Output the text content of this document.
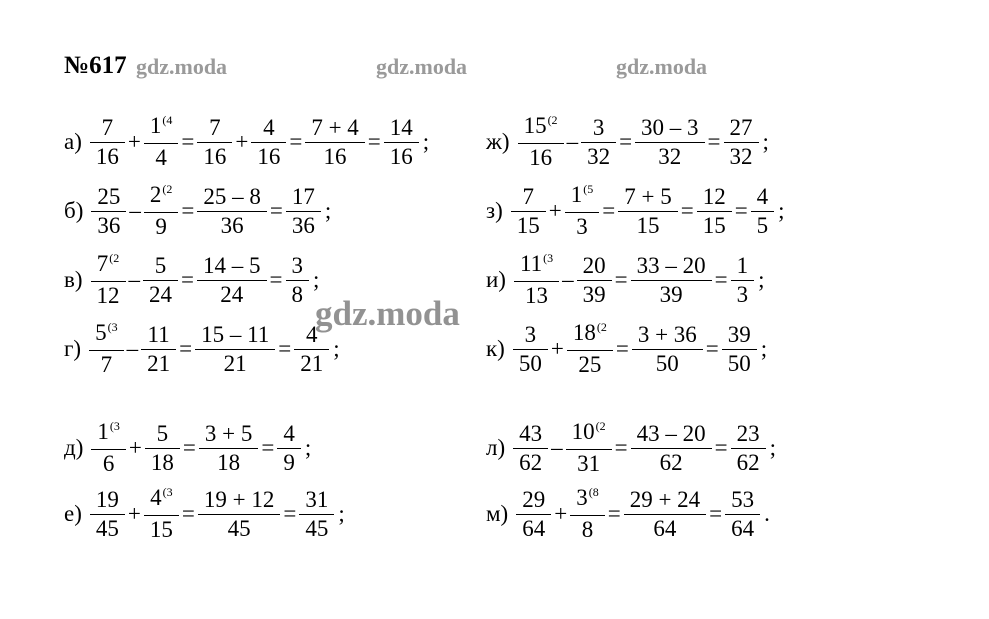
№617 gdz.moda	gdz.moda	gdz.moda
$а) \frac{7}{16} + \frac{1^{(4}}{4} = \frac{7}{16} + \frac{4}{16} = \frac{7 + 4}{16} = \frac{14}{16}$ ;
$б) \frac{25}{36} - \frac{2^{(2}}{9} = \frac{25 - 8}{36} = \frac{17}{36}$ ;
$в) \frac{7^{(2}}{12} - \frac{5}{24} = \frac{14 - 5}{24} = \frac{3}{8}$ ;
$г) \frac{5^{(3}}{7} - \frac{11}{21} = \frac{15 - 11}{21} = \frac{4}{21}$ ;
$д) \frac{1^{(3}}{6} + \frac{5}{18} = \frac{3 + 5}{18} = \frac{4}{9}$ ;
$е) \frac{19}{45} + \frac{4^{(3}}{15} = \frac{19 + 12}{45} = \frac{31}{45}$ ;
$ж) \frac{15^{(2}}{16} - \frac{3}{32} = \frac{30 - 3}{32} = \frac{27}{32}$ ;
$з) \frac{7}{15} + \frac{1^{(5}}{3} = \frac{7 + 5}{15} = \frac{12}{15} = \frac{4}{5}$ ;
$и) \frac{11^{(3}}{13} - \frac{20}{39} = \frac{33 - 20}{39} = \frac{1}{3}$ ;
$к) \frac{3}{50} + \frac{18^{(2}}{25} = \frac{3 + 36}{50} = \frac{39}{50}$ ;
$л) \frac{43}{62} - \frac{10^{(2}}{31} = \frac{43 - 20}{62} = \frac{23}{62}$ ;
$м) \frac{29}{64} + \frac{3^{(8}}{8} = \frac{29 + 24}{64} = \frac{53}{64}$ .
gdz.moda
